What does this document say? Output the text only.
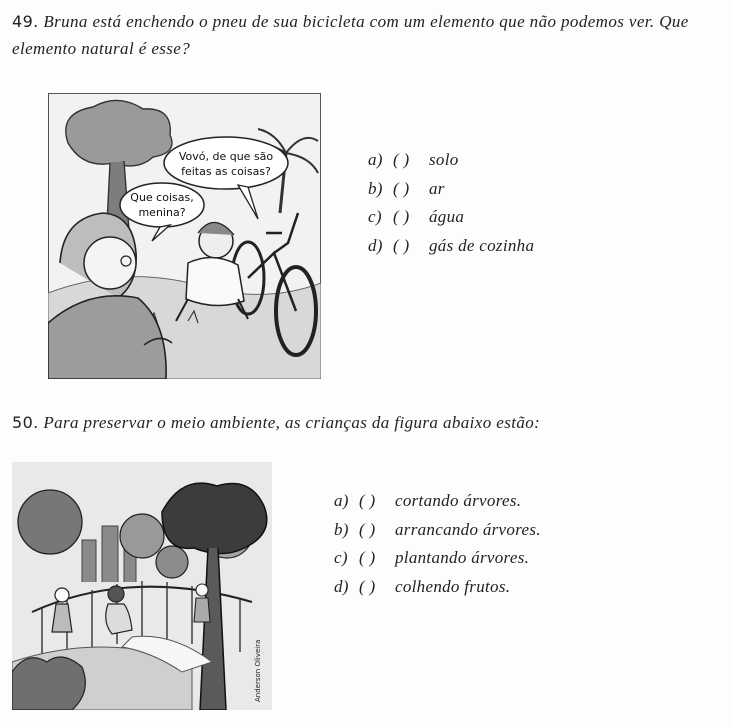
49. Bruna está enchendo o pneu de sua bicicleta com um elemento que não podemos ver. Que elemento natural é esse?
Vovó, de que são
feitas as coisas?
Que coisas,
menina?
a) ( )	solo
b) ( )	ar
c) ( )	água
d) ( )	gás de cozinha
50. Para preservar o meio ambiente, as crianças da figura abaixo estão:
Anderson Oliveira
a) ( )	cortando árvores.
b) ( )	arrancando árvores.
c) ( )	plantando árvores.
d) ( )	colhendo frutos.
